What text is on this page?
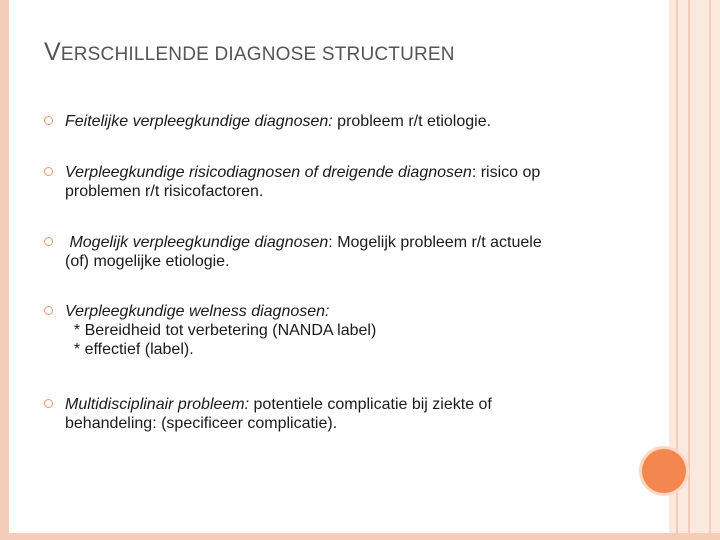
VERSCHILLENDE DIAGNOSE STRUCTUREN
Feitelijke verpleegkundige diagnosen: probleem r/t etiologie.
Verpleegkundige risicodiagnosen of dreigende diagnosen: risico op
problemen r/t risicofactoren.
Mogelijk verpleegkundige diagnosen: Mogelijk probleem r/t actuele
(of) mogelijke etiologie.
Verpleegkundige welness diagnosen:
* Bereidheid tot verbetering (NANDA label)
* effectief (label).
Multidisciplinair probleem: potentiele complicatie bij ziekte of
behandeling: (specificeer complicatie).
